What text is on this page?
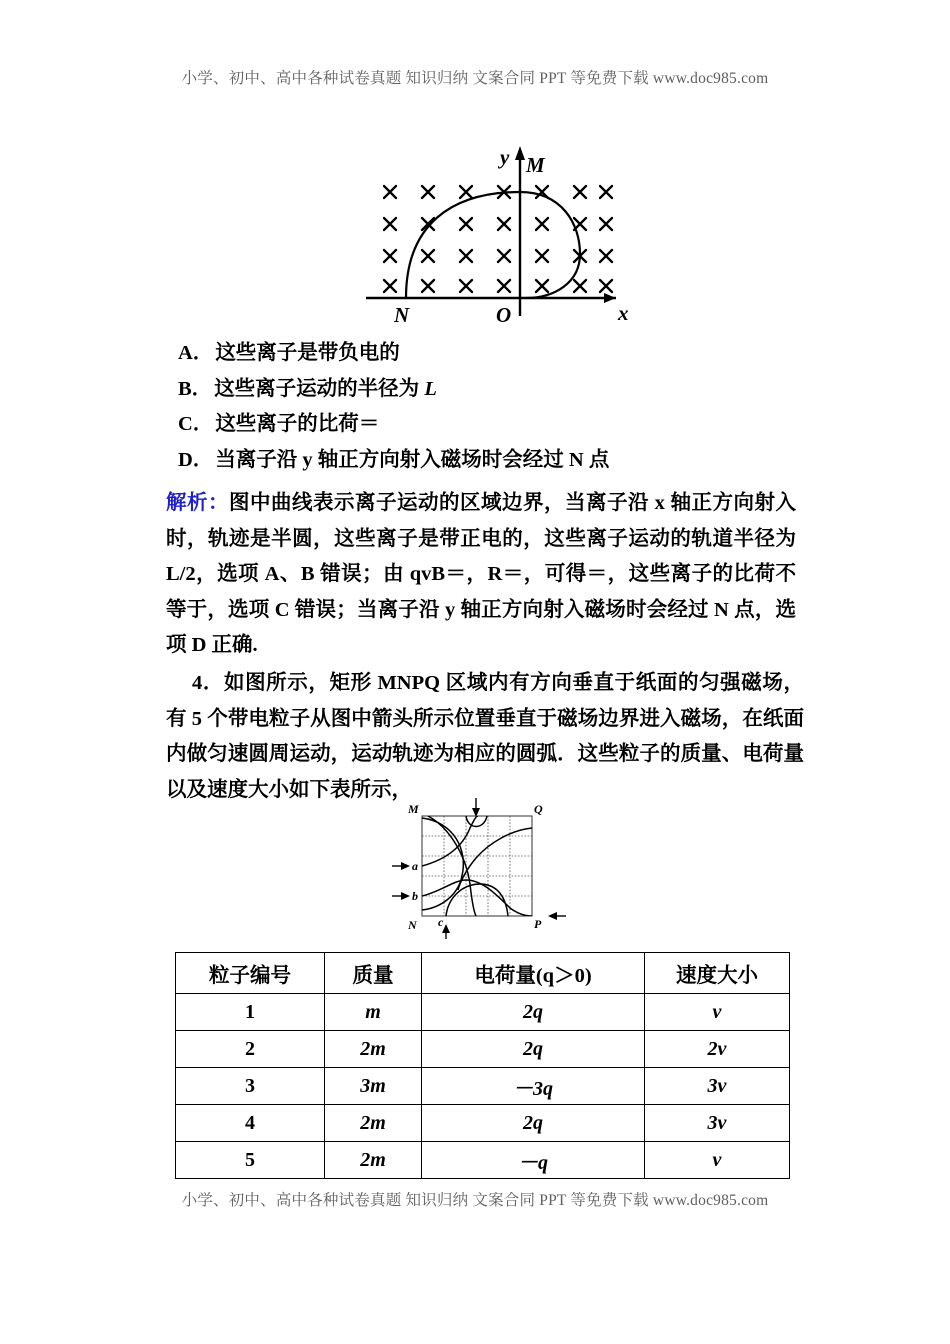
小学、初中、高中各种试卷真题 知识归纳 文案合同 PPT 等免费下载 www.doc985.com
M
N	O
y
x
A．这些离子是带负电的
B．这些离子运动的半径为 L
C．这些离子的比荷＝
D．当离子沿 y 轴正方向射入磁场时会经过 N 点
解析：图中曲线表示离子运动的区域边界，当离子沿 x 轴正方向射入时，轨迹是半圆，这些离子是带正电的，这些离子运动的轨道半径为 L/2，选项 A、B 错误；由 qvB＝，R＝，可得＝，这些离子的比荷不等于，选项 C 错误；当离子沿 y 轴正方向射入磁场时会经过 N 点，选项 D 正确.
4．如图所示，矩形 MNPQ 区域内有方向垂直于纸面的匀强磁场，有 5 个带电粒子从图中箭头所示位置垂直于磁场边界进入磁场，在纸面内做匀速圆周运动，运动轨迹为相应的圆弧．这些粒子的质量、电荷量以及速度大小如下表所示，
M	Q
N	P
a
b
c
粒子编号	质量	电荷量(q＞0)	速度大小
1	m	2q	v
2	2m	2q	2v
3	3m	－3q	3v
4	2m	2q	3v
5	2m	－q	v
小学、初中、高中各种试卷真题 知识归纳 文案合同 PPT 等免费下载 www.doc985.com
